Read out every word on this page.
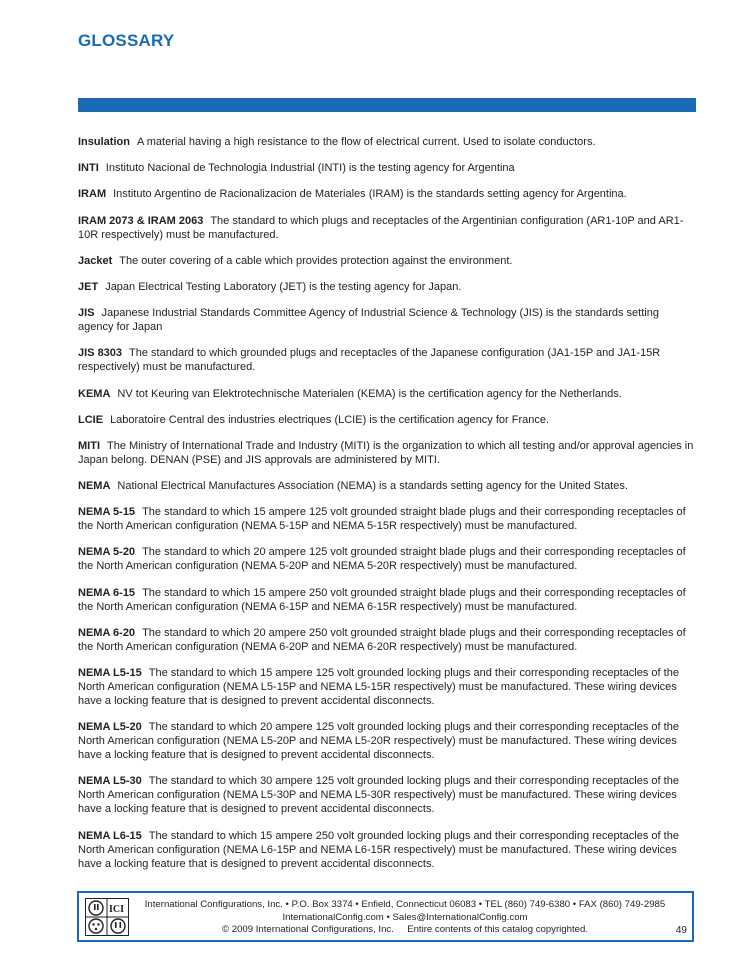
GLOSSARY
Insulation A material having a high resistance to the flow of electrical current. Used to isolate conductors.
INTI Instituto Nacional de Technologia Industrial (INTI) is the testing agency for Argentina
IRAM Instituto Argentino de Racionalizacion de Materiales (IRAM) is the standards setting agency for Argentina.
IRAM 2073 & IRAM 2063 The standard to which plugs and receptacles of the Argentinian configuration (AR1-10P and AR1-10R respectively) must be manufactured.
Jacket The outer covering of a cable which provides protection against the environment.
JET Japan Electrical Testing Laboratory (JET) is the testing agency for Japan.
JIS Japanese Industrial Standards Committee Agency of Industrial Science & Technology (JIS) is the standards setting agency for Japan
JIS 8303 The standard to which grounded plugs and receptacles of the Japanese configuration (JA1-15P and JA1-15R respectively) must be manufactured.
KEMA NV tot Keuring van Elektrotechnische Materialen (KEMA) is the certification agency for the Netherlands.
LCIE Laboratoire Central des industries electriques (LCIE) is the certification agency for France.
MITI The Ministry of International Trade and Industry (MITI) is the organization to which all testing and/or approval agencies in Japan belong. DENAN (PSE) and JIS approvals are administered by MITI.
NEMA National Electrical Manufactures Association (NEMA) is a standards setting agency for the United States.
NEMA 5-15 The standard to which 15 ampere 125 volt grounded straight blade plugs and their corresponding receptacles of the North American configuration (NEMA 5-15P and NEMA 5-15R respectively) must be manufactured.
NEMA 5-20 The standard to which 20 ampere 125 volt grounded straight blade plugs and their corresponding receptacles of the North American configuration (NEMA 5-20P and NEMA 5-20R respectively) must be manufactured.
NEMA 6-15 The standard to which 15 ampere 250 volt grounded straight blade plugs and their corresponding receptacles of the North American configuration (NEMA 6-15P and NEMA 6-15R respectively) must be manufactured.
NEMA 6-20 The standard to which 20 ampere 250 volt grounded straight blade plugs and their corresponding receptacles of the North American configuration (NEMA 6-20P and NEMA 6-20R respectively) must be manufactured.
NEMA L5-15 The standard to which 15 ampere 125 volt grounded locking plugs and their corresponding receptacles of the North American configuration (NEMA L5-15P and NEMA L5-15R respectively) must be manufactured. These wiring devices have a locking feature that is designed to prevent accidental disconnects.
NEMA L5-20 The standard to which 20 ampere 125 volt grounded locking plugs and their corresponding receptacles of the North American configuration (NEMA L5-20P and NEMA L5-20R respectively) must be manufactured. These wiring devices have a locking feature that is designed to prevent accidental disconnects.
NEMA L5-30 The standard to which 30 ampere 125 volt grounded locking plugs and their corresponding receptacles of the North American configuration (NEMA L5-30P and NEMA L5-30R respectively) must be manufactured. These wiring devices have a locking feature that is designed to prevent accidental disconnects.
NEMA L6-15 The standard to which 15 ampere 250 volt grounded locking plugs and their corresponding receptacles of the North American configuration (NEMA L6-15P and NEMA L6-15R respectively) must be manufactured. These wiring devices have a locking feature that is designed to prevent accidental disconnects.
ICI	International Configurations, Inc. • P.O. Box 3374 • Enfield, Connecticut 06083 • TEL (860) 749-6380 • FAX (860) 749-2985
InternationalConfig.com • Sales@InternationalConfig.com
© 2009 International Configurations, Inc.     Entire contents of this catalog copyrighted.	49
